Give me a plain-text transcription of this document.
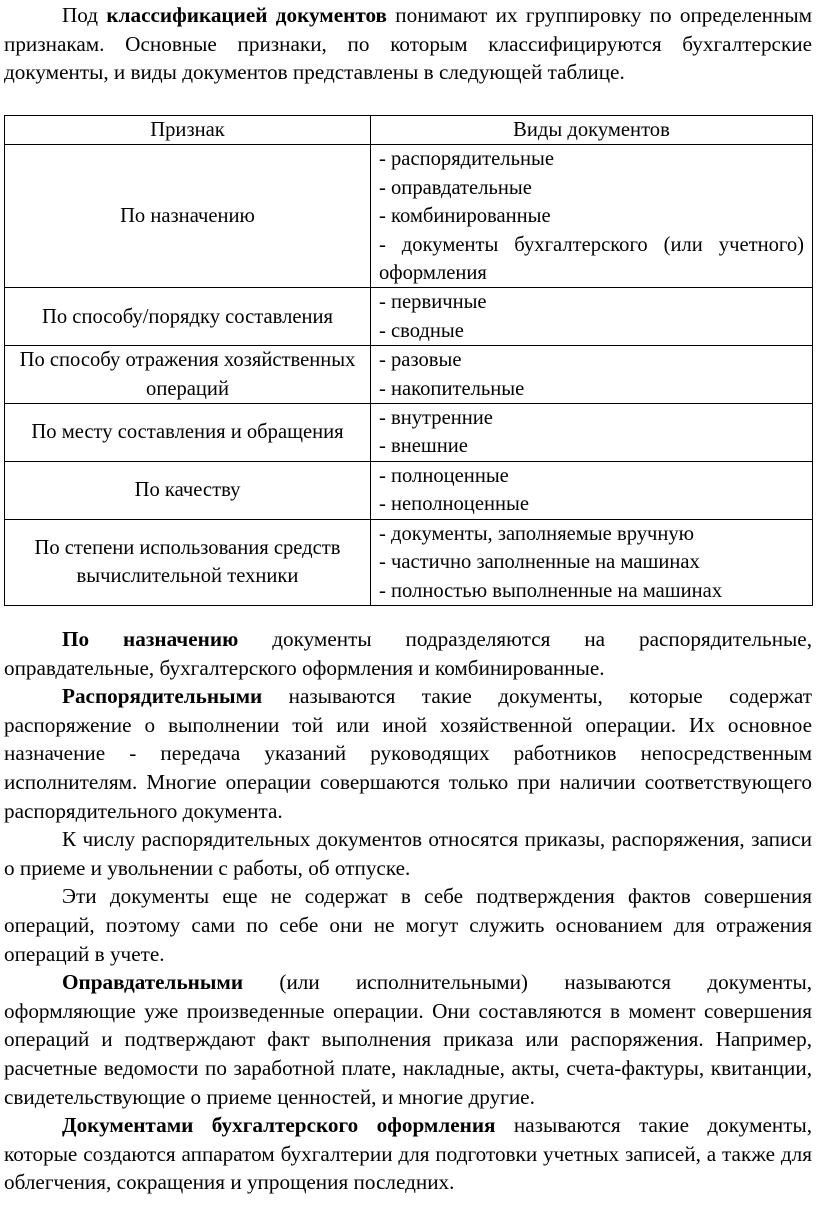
Под классификацией документов понимают их группировку по определенным признакам. Основные признаки, по которым классифицируются бухгалтерские документы, и виды документов представлены в следующей таблице.

Признак	Виды документов
По назначению	- распорядительные
- оправдательные
- комбинированные
- документы бухгалтерского (или учетного) оформления

По способу/порядку составления	- первичные
- сводные

По способу отражения хозяйственных операций	- разовые
- накопительные

По месту составления и обращения	- внутренние
- внешние

По качеству	- полноценные
- неполноценные

По степени использования средств вычислительной техники	- документы, заполняемые вручную
- частично заполненные на машинах
- полностью выполненные на машинах

По назначению документы подразделяются на распорядительные, оправдательные, бухгалтерского оформления и комбинированные.

Распорядительными называются такие документы, которые содержат распоряжение о выполнении той или иной хозяйственной операции. Их основное назначение - передача указаний руководящих работников непосредственным исполнителям. Многие операции совершаются только при наличии соответствующего распорядительного документа.

К числу распорядительных документов относятся приказы, распоряжения, записи о приеме и увольнении с работы, об отпуске.

Эти документы еще не содержат в себе подтверждения фактов совершения операций, поэтому сами по себе они не могут служить основанием для отражения операций в учете.

Оправдательными (или исполнительными) называются документы, оформляющие уже произведенные операции. Они составляются в момент совершения операций и подтверждают факт выполнения приказа или распоряжения. Например, расчетные ведомости по заработной плате, накладные, акты, счета-фактуры, квитанции, свидетельствующие о приеме ценностей, и многие другие.

Документами бухгалтерского оформления называются такие документы, которые создаются аппаратом бухгалтерии для подготовки учетных записей, а также для облегчения, сокращения и упрощения последних.
